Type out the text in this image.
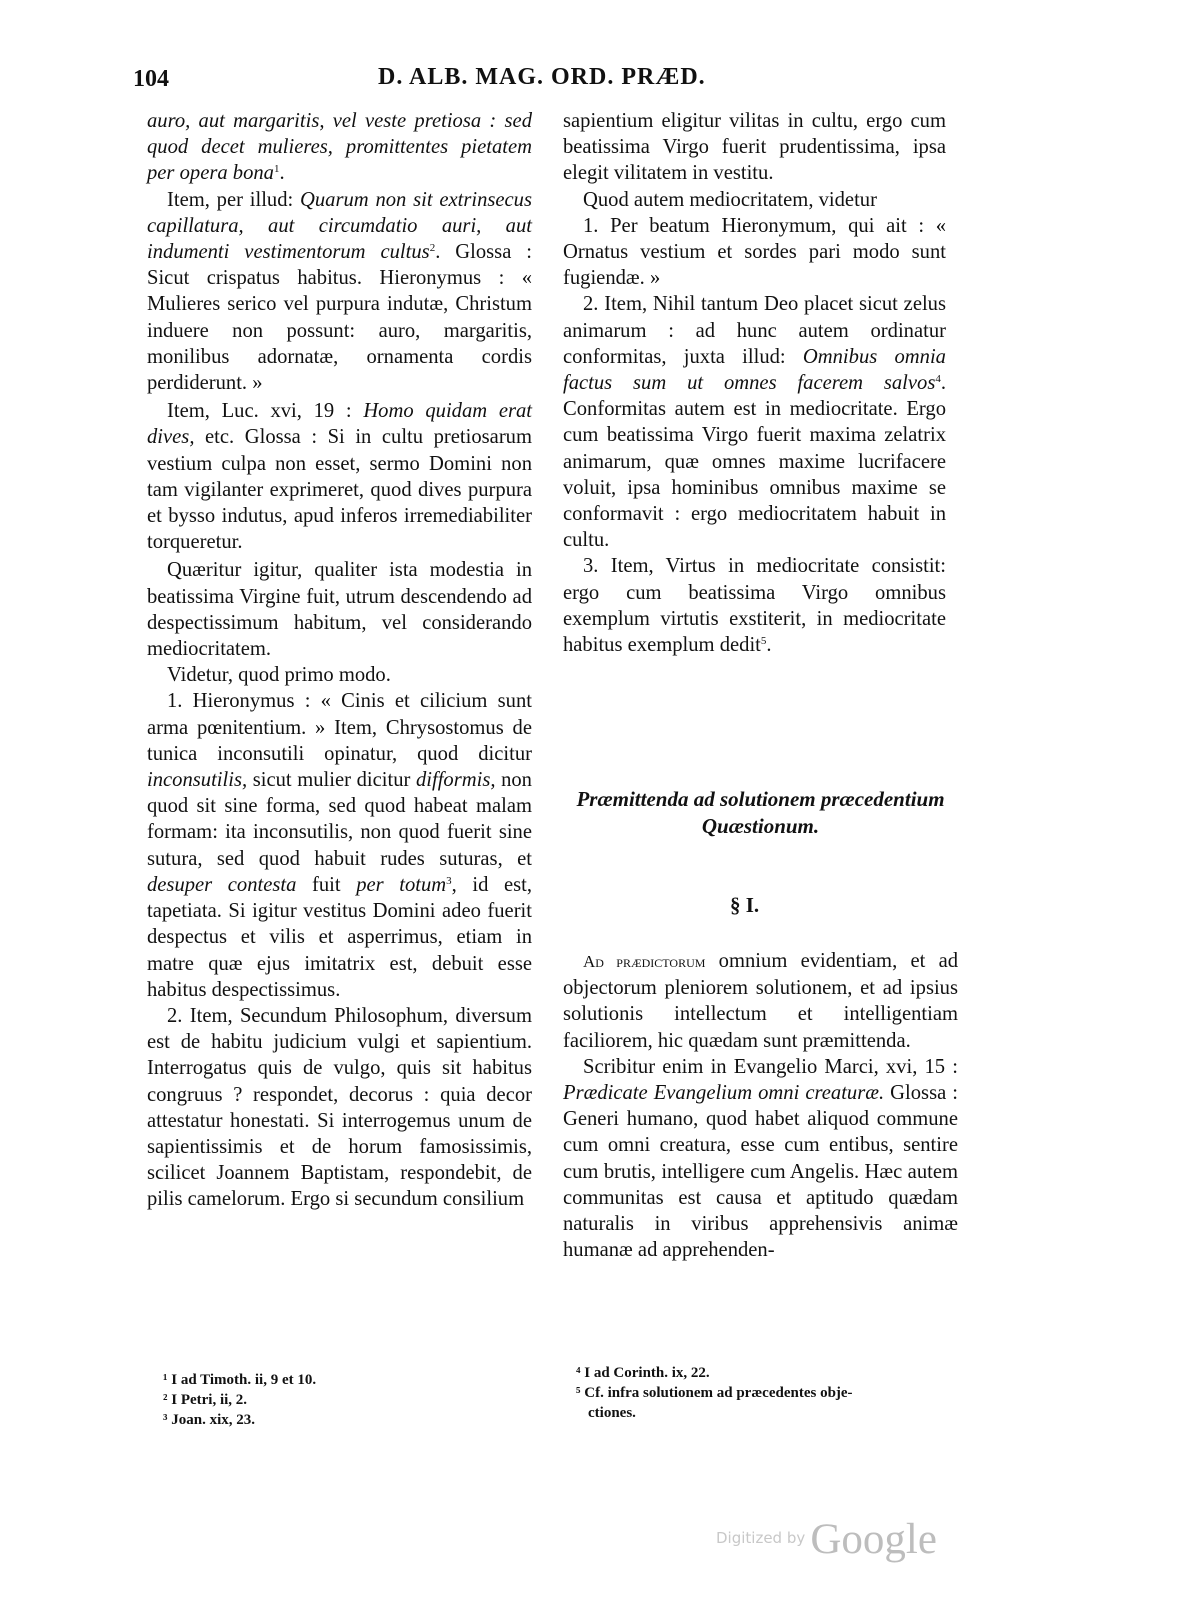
104	D. ALB. MAG. ORD. PRÆD.

auro, aut margaritis, vel veste pretiosa : sed quod decet mulieres, promittentes pietatem per opera bona$^1$.

Item, per illud: Quarum non sit extrinsecus capillatura, aut circumdatio auri, aut indumenti vestimentorum cultus$^2$. Glossa : Sicut crispatus habitus. Hieronymus : « Mulieres serico vel purpura indutæ, Christum induere non possunt: auro, margaritis, monilibus adornatæ, ornamenta cordis perdiderunt. »

Item, Luc. xvi, 19 : Homo quidam erat dives, etc. Glossa : Si in cultu pretiosarum vestium culpa non esset, sermo Domini non tam vigilanter exprimeret, quod dives purpura et bysso indutus, apud inferos irremediabiliter torqueretur.

Quæritur igitur, qualiter ista modestia in beatissima Virgine fuit, utrum descendendo ad despectissimum habitum, vel considerando mediocritatem.

Videtur, quod primo modo.

1. Hieronymus : « Cinis et cilicium sunt arma pœnitentium. » Item, Chrysostomus de tunica inconsutili opinatur, quod dicitur inconsutilis, sicut mulier dicitur difformis, non quod sit sine forma, sed quod habeat malam formam: ita inconsutilis, non quod fuerit sine sutura, sed quod habuit rudes suturas, et desuper contesta fuit per totum$^3$, id est, tapetiata. Si igitur vestitus Domini adeo fuerit despectus et vilis et asperrimus, etiam in matre quæ ejus imitatrix est, debuit esse habitus despectissimus.

2. Item, Secundum Philosophum, diversum est de habitu judicium vulgi et sapientium. Interrogatus quis de vulgo, quis sit habitus congruus ? respondet, decorus : quia decor attestatur honestati. Si interrogemus unum de sapientissimis et de horum famosissimis, scilicet Joannem Baptistam, respondebit, de pilis camelorum. Ergo si secundum consilium

sapientium eligitur vilitas in cultu, ergo cum beatissima Virgo fuerit prudentissima, ipsa elegit vilitatem in vestitu.

Quod autem mediocritatem, videtur

1. Per beatum Hieronymum, qui ait : « Ornatus vestium et sordes pari modo sunt fugiendæ. »

2. Item, Nihil tantum Deo placet sicut zelus animarum : ad hunc autem ordinatur conformitas, juxta illud: Omnibus omnia factus sum ut omnes facerem salvos$^4$. Conformitas autem est in mediocritate. Ergo cum beatissima Virgo fuerit maxima zelatrix animarum, quæ omnes maxime lucrifacere voluit, ipsa hominibus omnibus maxime se conformavit : ergo mediocritatem habuit in cultu.

3. Item, Virtus in mediocritate consistit: ergo cum beatissima Virgo omnibus exemplum virtutis exstiterit, in mediocritate habitus exemplum dedit$^5$.

Præmittenda ad solutionem præcedentium Quæstionum.
§ I.

Ad prædictorum omnium evidentiam, et ad objectorum pleniorem solutionem, et ad ipsius solutionis intellectum et intelligentiam faciliorem, hic quædam sunt præmittenda.

Scribitur enim in Evangelio Marci, xvi, 15 : Prædicate Evangelium omni creaturæ. Glossa : Generi humano, quod habet aliquod commune cum omni creatura, esse cum entibus, sentire cum brutis, intelligere cum Angelis. Hæc autem communitas est causa et aptitudo quædam naturalis in viribus apprehensivis animæ humanæ ad apprehenden-

¹ I ad Timoth. ii, 9 et 10.
² I Petri, ii, 2.
³ Joan. xix, 23.
⁴ I ad Corinth. ix, 22.
⁵ Cf. infra solutionem ad præcedentes obje-
ctiones.
Digitized by Google
